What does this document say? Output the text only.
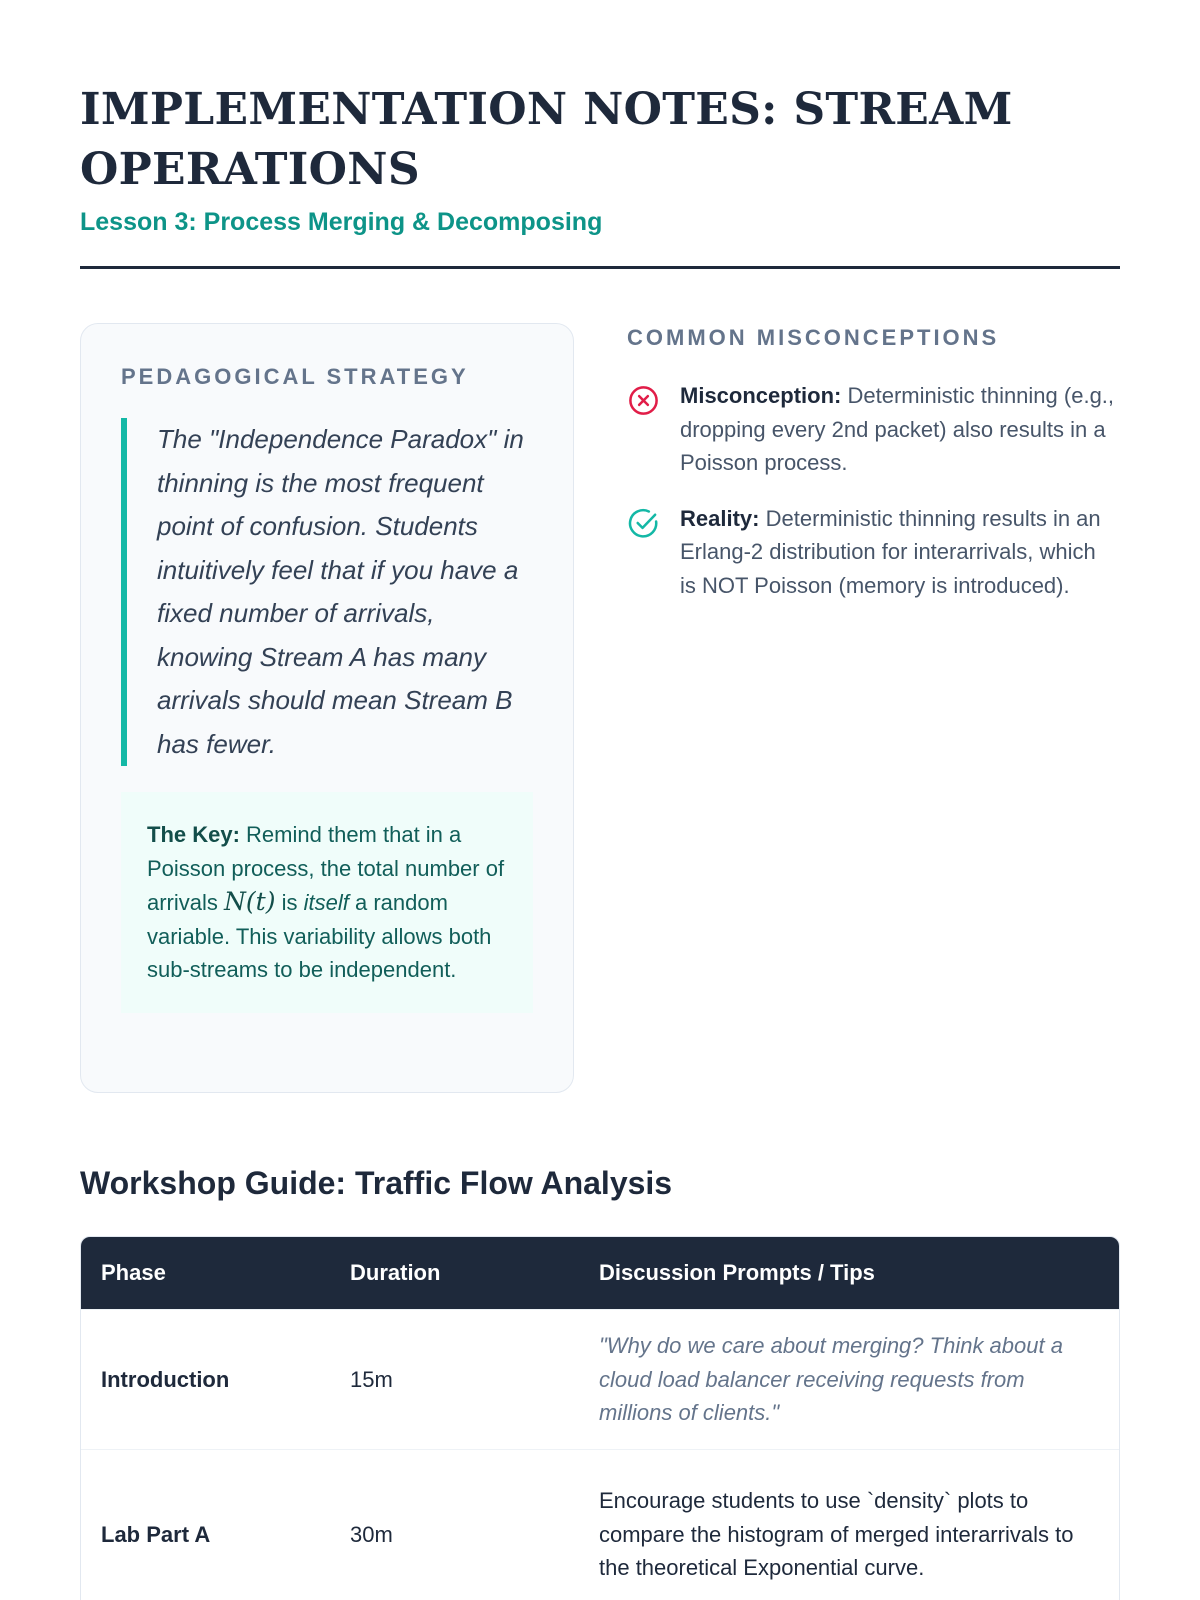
IMPLEMENTATION NOTES: STREAM OPERATIONS
Lesson 3: Process Merging & Decomposing
PEDAGOGICAL STRATEGY
The "Independence Paradox" in thinning is the most frequent point of confusion. Students intuitively feel that if you have a fixed number of arrivals, knowing Stream A has many arrivals should mean Stream B has fewer.
The Key: Remind them that in a Poisson process, the total number of arrivals N(t) is itself a random variable. This variability allows both sub-streams to be independent.
COMMON MISCONCEPTIONS
Misconception: Deterministic thinning (e.g., dropping every 2nd packet) also results in a Poisson process.
Reality: Deterministic thinning results in an Erlang-2 distribution for interarrivals, which is NOT Poisson (memory is introduced).
Workshop Guide: Traffic Flow Analysis
Phase	Duration	Discussion Prompts / Tips
Introduction	15m	"Why do we care about merging? Think about a cloud load balancer receiving requests from millions of clients."
Lab Part A	30m	Encourage students to use `density` plots to compare the histogram of merged interarrivals to the theoretical Exponential curve.
